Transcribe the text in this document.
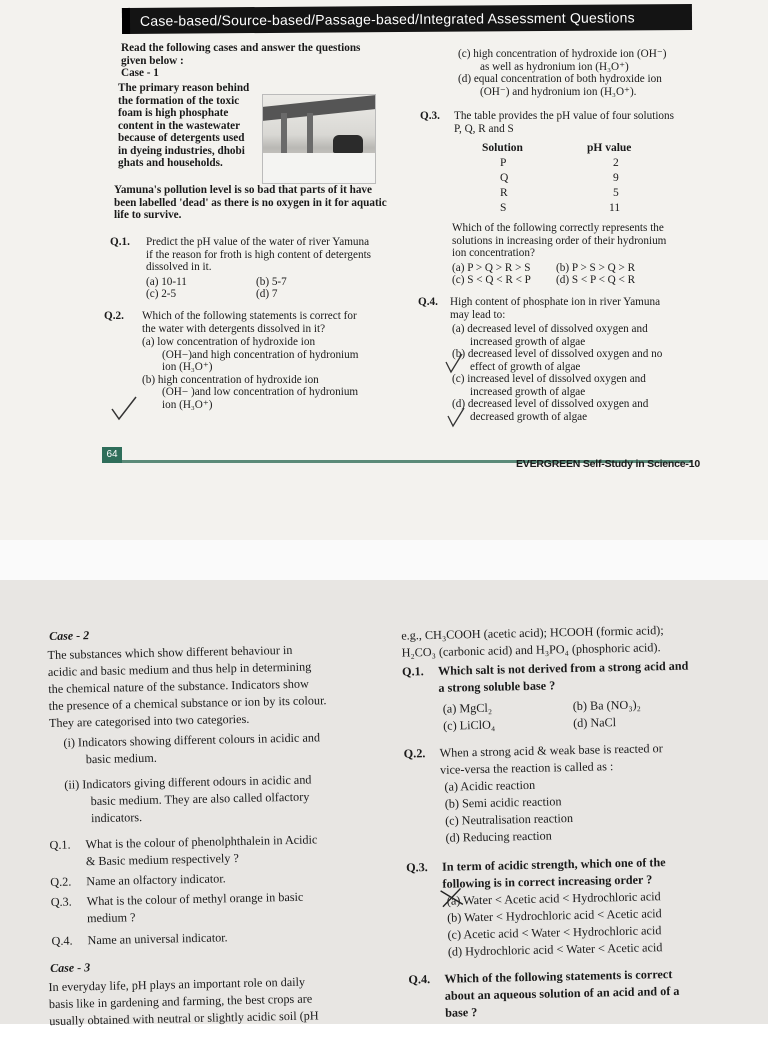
Case-based/Source-based/Passage-based/Integrated Assessment Questions
Read the following cases and answer the questions
given below :
Case - 1
The primary reason behind
the formation of the toxic
foam is high phosphate
content in the wastewater
because of detergents used
in dyeing industries, dhobi
ghats and households.
Yamuna's pollution level is so bad that parts of it have
been labelled 'dead' as there is no oxygen in it for aquatic
life to survive.
Q.1.	Predict the pH value of the water of river Yamuna
if the reason for froth is high content of detergents
dissolved in it.
(a) 10-11	(b) 5-7
(c) 2-5	(d) 7
Q.2.	Which of the following statements is correct for
the water with detergents dissolved in it?
(a) low concentration of hydroxide ion
(OH−)and high concentration of hydronium
ion (H₃O⁺)
(b) high concentration of hydroxide ion
(OH− )and low concentration of hydronium
ion (H₃O⁺)
(c) high concentration of hydroxide ion (OH⁻)
as well as hydronium ion (H₃O⁺)
(d) equal concentration of both hydroxide ion
(OH⁻) and hydronium ion (H₃O⁺).
Q.3.	The table provides the pH value of four solutions
P, Q, R and S
Solution	pH value
P	2
Q	9
R	5
S	11
Which of the following correctly represents the
solutions in increasing order of their hydronium
ion concentration?
(a) P > Q > R > S	(b) P > S > Q > R
(c) S < Q < R < P	(d) S < P < Q < R
Q.4.	High content of phosphate ion in river Yamuna
may lead to:
(a) decreased level of dissolved oxygen and
increased growth of algae
(b) decreased level of dissolved oxygen and no
effect of growth of algae
(c) increased level of dissolved oxygen and
increased growth of algae
(d) decreased level of dissolved oxygen and
decreased growth of algae
64
EVERGREEN Self-Study in Science-10
Case - 2
The substances which show different behaviour in
acidic and basic medium and thus help in determining
the chemical nature of the substance. Indicators show
the presence of a chemical substance or ion by its colour.
They are categorised into two categories.
(i) Indicators showing different colours in acidic and
basic medium.
(ii) Indicators giving different odours in acidic and
basic medium. They are also called olfactory
indicators.
Q.1.	What is the colour of phenolphthalein in Acidic
& Basic medium respectively ?
Q.2.	Name an olfactory indicator.
Q.3.	What is the colour of methyl orange in basic
medium ?
Q.4.	Name an universal indicator.
Case - 3
In everyday life, pH plays an important role on daily
basis like in gardening and farming, the best crops are
usually obtained with neutral or slightly acidic soil (pH
e.g., CH₃COOH (acetic acid); HCOOH (formic acid);
H₂CO₃ (carbonic acid) and H₃PO₄ (phosphoric acid).
Q.1.	Which salt is not derived from a strong acid and
a strong soluble base ?
(a) MgCl₂	(b) Ba (NO₃)₂
(c) LiClO₄	(d) NaCl
Q.2.	When a strong acid & weak base is reacted or
vice-versa the reaction is called as :
(a) Acidic reaction
(b) Semi acidic reaction
(c) Neutralisation reaction
(d) Reducing reaction
Q.3.	In term of acidic strength, which one of the
following is in correct increasing order ?
(a) Water < Acetic acid < Hydrochloric acid
(b) Water < Hydrochloric acid < Acetic acid
(c) Acetic acid < Water < Hydrochloric acid
(d) Hydrochloric acid < Water < Acetic acid
Q.4.	Which of the following statements is correct
about an aqueous solution of an acid and of a
base ?
